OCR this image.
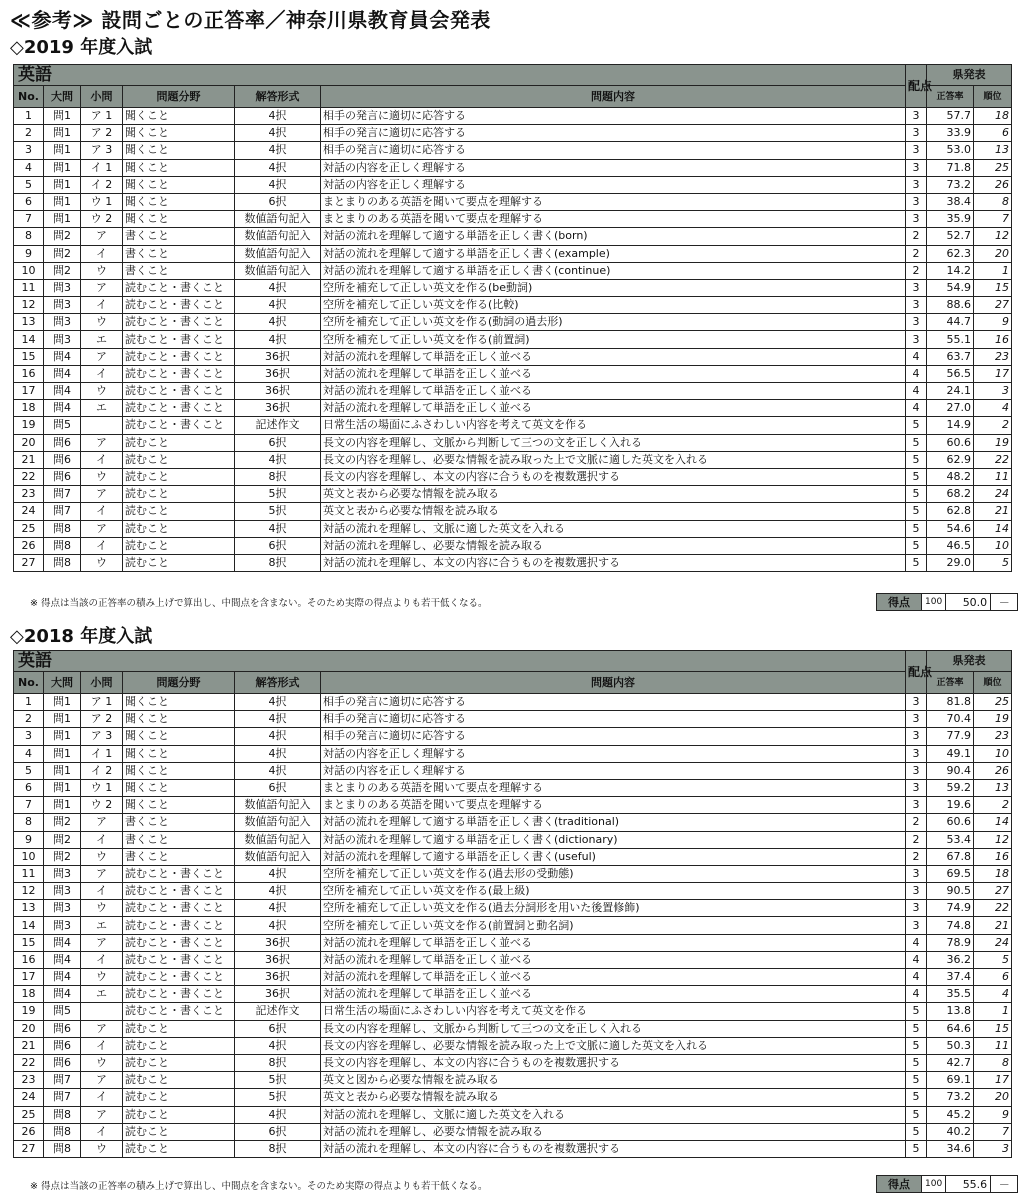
≪参考≫ 設問ごとの正答率／神奈川県教育員会発表
◇2019 年度入試
英語						配点	県発表	
No.	大問	小問	問題分野	解答形式	問題内容		正答率	順位
1	問1	ア 1	聞くこと	4択	相手の発言に適切に応答する	3	57.7	18
2	問1	ア 2	聞くこと	4択	相手の発言に適切に応答する	3	33.9	6
3	問1	ア 3	聞くこと	4択	相手の発言に適切に応答する	3	53.0	13
4	問1	イ 1	聞くこと	4択	対話の内容を正しく理解する	3	71.8	25
5	問1	イ 2	聞くこと	4択	対話の内容を正しく理解する	3	73.2	26
6	問1	ウ 1	聞くこと	6択	まとまりのある英語を聞いて要点を理解する	3	38.4	8
7	問1	ウ 2	聞くこと	数値語句記入	まとまりのある英語を聞いて要点を理解する	3	35.9	7
8	問2	ア	書くこと	数値語句記入	対話の流れを理解して適する単語を正しく書く(born)	2	52.7	12
9	問2	イ	書くこと	数値語句記入	対話の流れを理解して適する単語を正しく書く(example)	2	62.3	20
10	問2	ウ	書くこと	数値語句記入	対話の流れを理解して適する単語を正しく書く(continue)	2	14.2	1
11	問3	ア	読むこと・書くこと	4択	空所を補充して正しい英文を作る(be動詞)	3	54.9	15
12	問3	イ	読むこと・書くこと	4択	空所を補充して正しい英文を作る(比較)	3	88.6	27
13	問3	ウ	読むこと・書くこと	4択	空所を補充して正しい英文を作る(動詞の過去形)	3	44.7	9
14	問3	エ	読むこと・書くこと	4択	空所を補充して正しい英文を作る(前置詞)	3	55.1	16
15	問4	ア	読むこと・書くこと	36択	対話の流れを理解して単語を正しく並べる	4	63.7	23
16	問4	イ	読むこと・書くこと	36択	対話の流れを理解して単語を正しく並べる	4	56.5	17
17	問4	ウ	読むこと・書くこと	36択	対話の流れを理解して単語を正しく並べる	4	24.1	3
18	問4	エ	読むこと・書くこと	36択	対話の流れを理解して単語を正しく並べる	4	27.0	4
19	問5		読むこと・書くこと	記述作文	日常生活の場面にふさわしい内容を考えて英文を作る	5	14.9	2
20	問6	ア	読むこと	6択	長文の内容を理解し、文脈から判断して三つの文を正しく入れる	5	60.6	19
21	問6	イ	読むこと	4択	長文の内容を理解し、必要な情報を読み取った上で文脈に適した英文を入れる	5	62.9	22
22	問6	ウ	読むこと	8択	長文の内容を理解し、本文の内容に合うものを複数選択する	5	48.2	11
23	問7	ア	読むこと	5択	英文と表から必要な情報を読み取る	5	68.2	24
24	問7	イ	読むこと	5択	英文と表から必要な情報を読み取る	5	62.8	21
25	問8	ア	読むこと	4択	対話の流れを理解し、文脈に適した英文を入れる	5	54.6	14
26	問8	イ	読むこと	6択	対話の流れを理解し、必要な情報を読み取る	5	46.5	10
27	問8	ウ	読むこと	8択	対話の流れを理解し、本文の内容に合うものを複数選択する	5	29.0	5
※ 得点は当該の正答率の積み上げで算出し、中間点を含まない。そのため実際の得点よりも若干低くなる。	得点	100	50.0	－
◇2018 年度入試
英語						配点	県発表	
No.	大問	小問	問題分野	解答形式	問題内容		正答率	順位
1	問1	ア 1	聞くこと	4択	相手の発言に適切に応答する	3	81.8	25
2	問1	ア 2	聞くこと	4択	相手の発言に適切に応答する	3	70.4	19
3	問1	ア 3	聞くこと	4択	相手の発言に適切に応答する	3	77.9	23
4	問1	イ 1	聞くこと	4択	対話の内容を正しく理解する	3	49.1	10
5	問1	イ 2	聞くこと	4択	対話の内容を正しく理解する	3	90.4	26
6	問1	ウ 1	聞くこと	6択	まとまりのある英語を聞いて要点を理解する	3	59.2	13
7	問1	ウ 2	聞くこと	数値語句記入	まとまりのある英語を聞いて要点を理解する	3	19.6	2
8	問2	ア	書くこと	数値語句記入	対話の流れを理解して適する単語を正しく書く(traditional)	2	60.6	14
9	問2	イ	書くこと	数値語句記入	対話の流れを理解して適する単語を正しく書く(dictionary)	2	53.4	12
10	問2	ウ	書くこと	数値語句記入	対話の流れを理解して適する単語を正しく書く(useful)	2	67.8	16
11	問3	ア	読むこと・書くこと	4択	空所を補充して正しい英文を作る(過去形の受動態)	3	69.5	18
12	問3	イ	読むこと・書くこと	4択	空所を補充して正しい英文を作る(最上級)	3	90.5	27
13	問3	ウ	読むこと・書くこと	4択	空所を補充して正しい英文を作る(過去分詞形を用いた後置修飾)	3	74.9	22
14	問3	エ	読むこと・書くこと	4択	空所を補充して正しい英文を作る(前置詞と動名詞)	3	74.8	21
15	問4	ア	読むこと・書くこと	36択	対話の流れを理解して単語を正しく並べる	4	78.9	24
16	問4	イ	読むこと・書くこと	36択	対話の流れを理解して単語を正しく並べる	4	36.2	5
17	問4	ウ	読むこと・書くこと	36択	対話の流れを理解して単語を正しく並べる	4	37.4	6
18	問4	エ	読むこと・書くこと	36択	対話の流れを理解して単語を正しく並べる	4	35.5	4
19	問5		読むこと・書くこと	記述作文	日常生活の場面にふさわしい内容を考えて英文を作る	5	13.8	1
20	問6	ア	読むこと	6択	長文の内容を理解し、文脈から判断して三つの文を正しく入れる	5	64.6	15
21	問6	イ	読むこと	4択	長文の内容を理解し、必要な情報を読み取った上で文脈に適した英文を入れる	5	50.3	11
22	問6	ウ	読むこと	8択	長文の内容を理解し、本文の内容に合うものを複数選択する	5	42.7	8
23	問7	ア	読むこと	5択	英文と図から必要な情報を読み取る	5	69.1	17
24	問7	イ	読むこと	5択	英文と表から必要な情報を読み取る	5	73.2	20
25	問8	ア	読むこと	4択	対話の流れを理解し、文脈に適した英文を入れる	5	45.2	9
26	問8	イ	読むこと	6択	対話の流れを理解し、必要な情報を読み取る	5	40.2	7
27	問8	ウ	読むこと	8択	対話の流れを理解し、本文の内容に合うものを複数選択する	5	34.6	3
※ 得点は当該の正答率の積み上げで算出し、中間点を含まない。そのため実際の得点よりも若干低くなる。	得点	100	55.6	－
